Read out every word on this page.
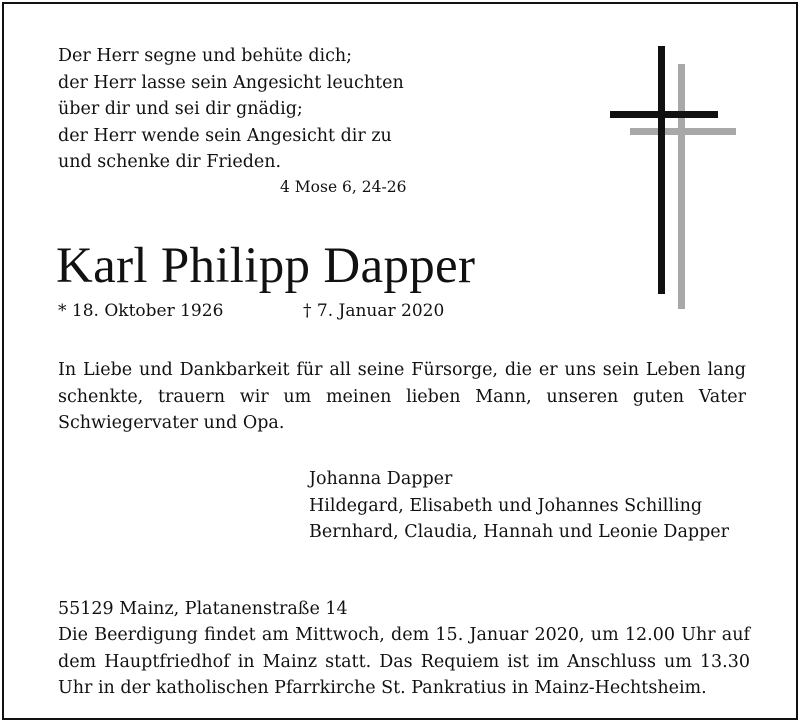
Der Herr segne und behüte dich;
der Herr lasse sein Angesicht leuchten
über dir und sei dir gnädig;
der Herr wende sein Angesicht dir zu
und schenke dir Frieden.
4 Mose 6, 24-26
Karl Philipp Dapper
* 18. Oktober 1926	† 7. Januar 2020

In Liebe und Dankbarkeit für all seine Fürsorge, die er uns sein Leben lang schenkte, trauern wir um meinen lieben Mann, unseren guten Vater Schwiegervater und Opa.

Johanna Dapper
Hildegard, Elisabeth und Johannes Schilling
Bernhard, Claudia, Hannah und Leonie Dapper
55129 Mainz, Platanenstraße 14

Die Beerdigung findet am Mittwoch, dem 15. Januar 2020, um 12.00 Uhr auf dem Hauptfriedhof in Mainz statt. Das Requiem ist im Anschluss um 13.30 Uhr in der katholischen Pfarrkirche St. Pankratius in Mainz-Hechtsheim.
